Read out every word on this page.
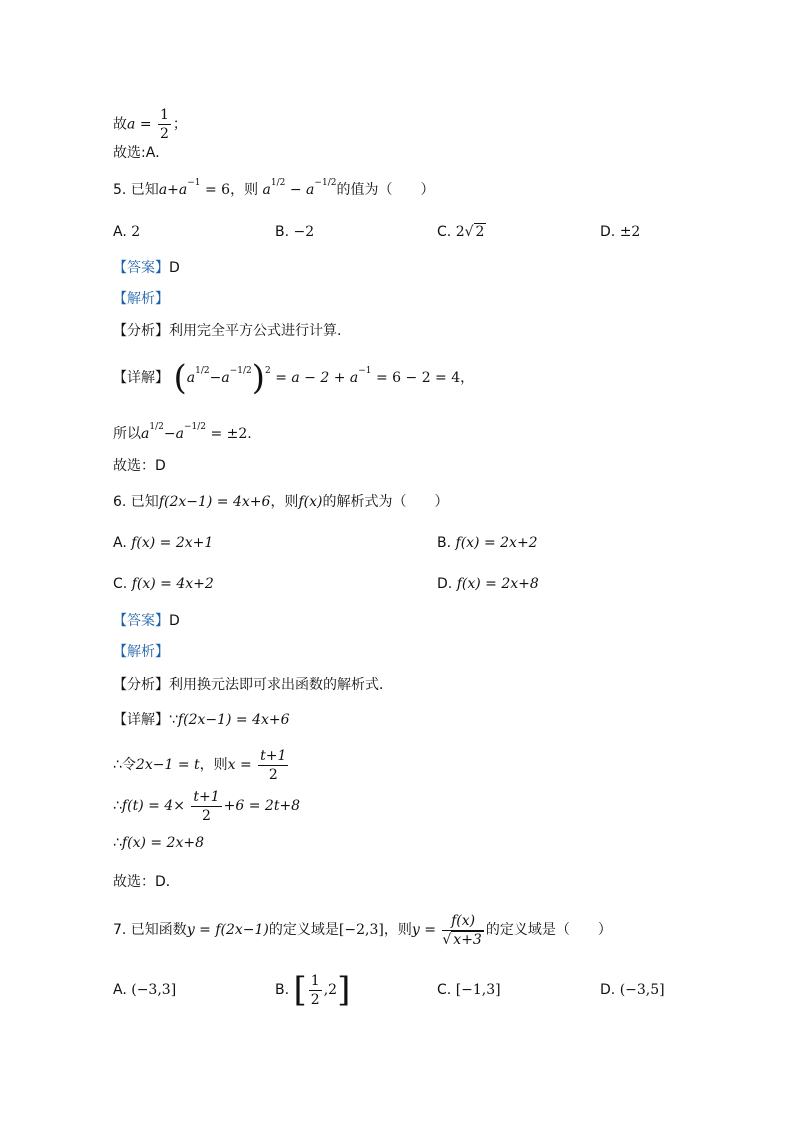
故$a = \frac{1}{2}$ ；
故选:A．
5. 已知$a+a^{-1} = 6$，则 $a^{1/2} - a^{-1/2}$的值为（　　）
A. 2	B. −2	C. 2√ 2	D. ±2
【答案】D
【解析】
【分析】利用完全平方公式进行计算.
【详解】 $(a^{1/2}-a^{-1/2})^2 = a - 2 + a^{-1} = 6 - 2 = 4$，
所以$a^{1/2}-a^{-1/2} = \pm 2$.
故选：D
6. 已知f(2x−1) = 4x+6，则f(x)的解析式为（　　）
A. f(x) = 2x+1	B. f(x) = 2x+2
C. f(x) = 4x+2	D. f(x) = 2x+8
【答案】D
【解析】
【分析】利用换元法即可求出函数的解析式．
【详解】∵f(2x−1) = 4x+6
∴令2x−1 = t，则$x = \frac{t+1}{2}$
∴f(t) = $4\times \frac{t+1}{2} +6 = 2t+8$
∴f(x) = 2x+8
故选：D．
7. 已知函数y = f(2x−1)的定义域是[−2,3]，则$y = \frac{f(x)}{√ x+3}$ 的定义域是（　　）
A. (−3,3]	B. [ $\frac{1}{2} ,2$]	C. [−1,3]	D. (−3,5]
